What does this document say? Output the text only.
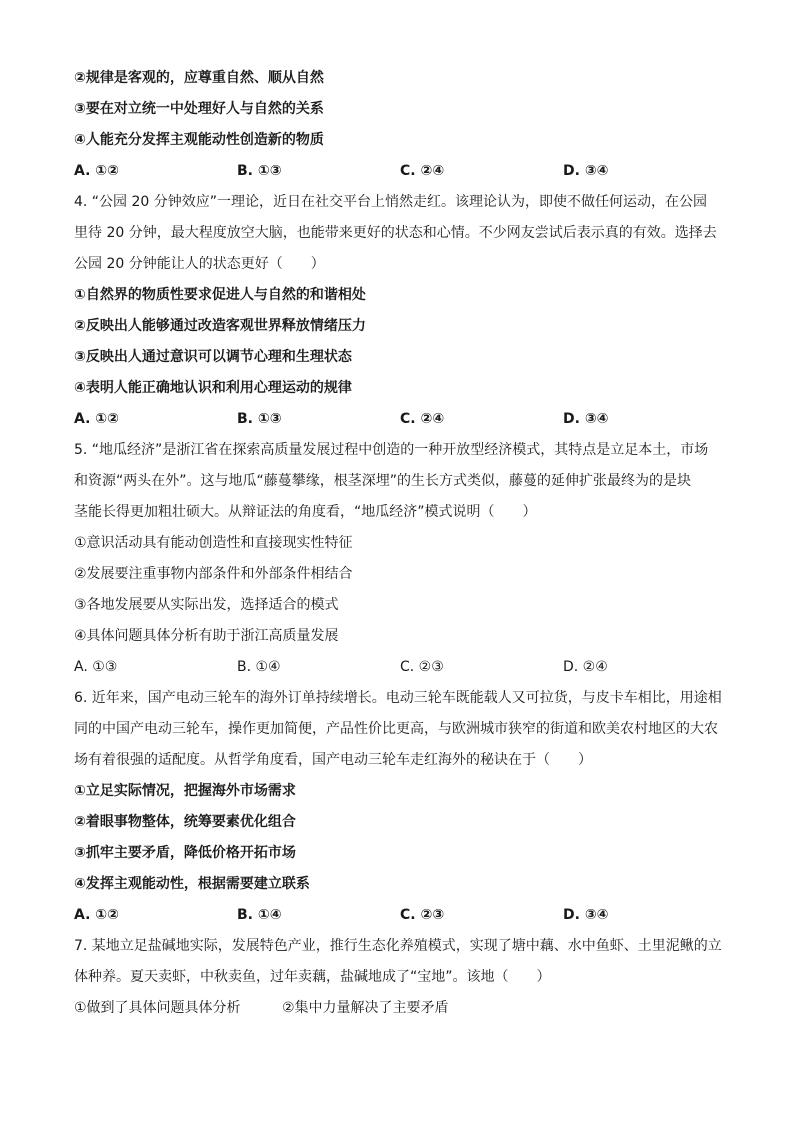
②规律是客观的，应尊重自然、顺从自然
③要在对立统一中处理好人与自然的关系
④人能充分发挥主观能动性创造新的物质
A. ①②	B. ①③	C. ②④	D. ③④
4. “公园 20 分钟效应”一理论，近日在社交平台上悄然走红。该理论认为，即使不做任何运动，在公园
里待 20 分钟，最大程度放空大脑，也能带来更好的状态和心情。不少网友尝试后表示真的有效。选择去
公园 20 分钟能让人的状态更好（　　）
①自然界的物质性要求促进人与自然的和谐相处
②反映出人能够通过改造客观世界释放情绪压力
③反映出人通过意识可以调节心理和生理状态
④表明人能正确地认识和利用心理运动的规律
A. ①②	B. ①③	C. ②④	D. ③④
5. “地瓜经济”是浙江省在探索高质量发展过程中创造的一种开放型经济模式，其特点是立足本土，市场
和资源“两头在外”。这与地瓜“藤蔓攀缘，根茎深埋”的生长方式类似，藤蔓的延伸扩张最终为的是块
茎能长得更加粗壮硕大。从辩证法的角度看，“地瓜经济”模式说明（　　）
①意识活动具有能动创造性和直接现实性特征
②发展要注重事物内部条件和外部条件相结合
③各地发展要从实际出发，选择适合的模式
④具体问题具体分析有助于浙江高质量发展
A. ①③	B. ①④	C. ②③	D. ②④
6. 近年来，国产电动三轮车的海外订单持续增长。电动三轮车既能载人又可拉货，与皮卡车相比，用途相
同的中国产电动三轮车，操作更加简便，产品性价比更高，与欧洲城市狭窄的街道和欧美农村地区的大农
场有着很强的适配度。从哲学角度看，国产电动三轮车走红海外的秘诀在于（　　）
①立足实际情况，把握海外市场需求
②着眼事物整体，统筹要素优化组合
③抓牢主要矛盾，降低价格开拓市场
④发挥主观能动性，根据需要建立联系
A. ①②	B. ①④	C. ②③	D. ③④
7. 某地立足盐碱地实际，发展特色产业，推行生态化养殖模式，实现了塘中藕、水中鱼虾、土里泥鳅的立
体种养。夏天卖虾，中秋卖鱼，过年卖藕，盐碱地成了“宝地”。该地（　　）
①做到了具体问题具体分析	②集中力量解决了主要矛盾
